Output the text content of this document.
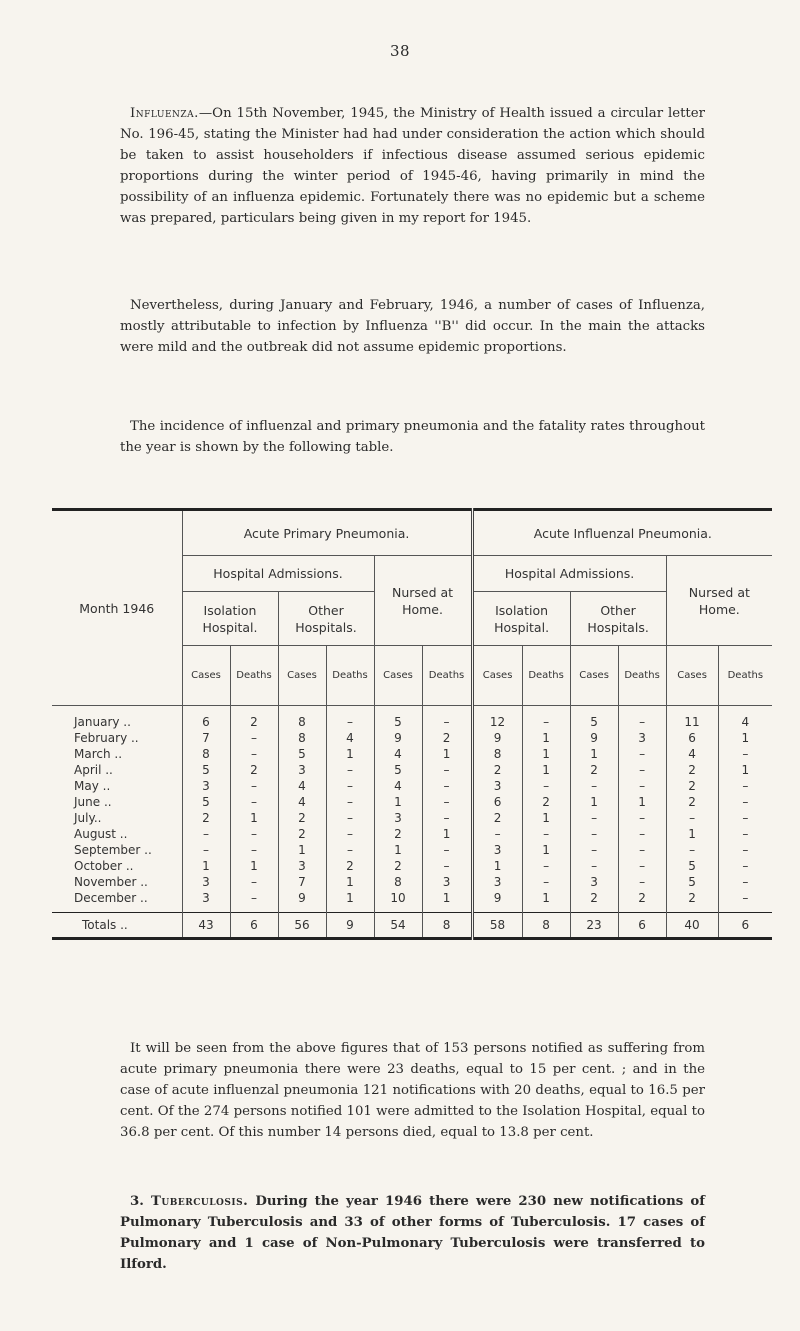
38

Influenza.—On 15th November, 1945, the Ministry of Health issued a circular letter No. 196-45, stating the Minister had had under consideration the action which should be taken to assist householders if infectious disease assumed serious epidemic proportions during the winter period of 1945-46, having primarily in mind the possibility of an influenza epidemic. Fortunately there was no epidemic but a scheme was prepared, particulars being given in my report for 1945.

Nevertheless, during January and February, 1946, a number of cases of Influenza, mostly attributable to infection by Influenza ''B'' did occur. In the main the attacks were mild and the outbreak did not assume epidemic proportions.

The incidence of influenzal and primary pneumonia and the fatality rates throughout the year is shown by the following table.

Month 1946	Acute Primary Pneumonia.						Acute Influenzal Pneumonia.					
	Hospital Admissions.				Nursed at Home.		Hospital Admissions.				Nursed at Home.	
	Isolation Hospital.		Other Hospitals.				Isolation Hospital.		Other Hospitals.			
	Cases	Deaths	Cases	Deaths	Cases	Deaths	Cases	Deaths	Cases	Deaths	Cases	Deaths
January ..	6	2	8	–	5	–	12	–	5	–	11	4
February ..	7	–	8	4	9	2	9	1	9	3	6	1
March ..	8	–	5	1	4	1	8	1	1	–	4	–
April ..	5	2	3	–	5	–	2	1	2	–	2	1
May ..	3	–	4	–	4	–	3	–	–	–	2	–
June ..	5	–	4	–	1	–	6	2	1	1	2	–
July..	2	1	2	–	3	–	2	1	–	–	–	–
August ..	–	–	2	–	2	1	–	–	–	–	1	–
September ..	–	–	1	–	1	–	3	1	–	–	–	–
October ..	1	1	3	2	2	–	1	–	–	–	5	–
November ..	3	–	7	1	8	3	3	–	3	–	5	–
December ..	3	–	9	1	10	1	9	1	2	2	2	–
Totals ..	43	6	56	9	54	8	58	8	23	6	40	6

It will be seen from the above figures that of 153 persons notified as suffering from acute primary pneumonia there were 23 deaths, equal to 15 per cent. ; and in the case of acute influenzal pneumonia 121 notifications with 20 deaths, equal to 16.5 per cent. Of the 274 persons notified 101 were admitted to the Isolation Hospital, equal to 36.8 per cent. Of this number 14 persons died, equal to 13.8 per cent.

3. Tuberculosis. During the year 1946 there were 230 new notifications of Pulmonary Tuberculosis and 33 of other forms of Tuberculosis. 17 cases of Pulmonary and 1 case of Non-Pulmonary Tuberculosis were transferred to Ilford.
